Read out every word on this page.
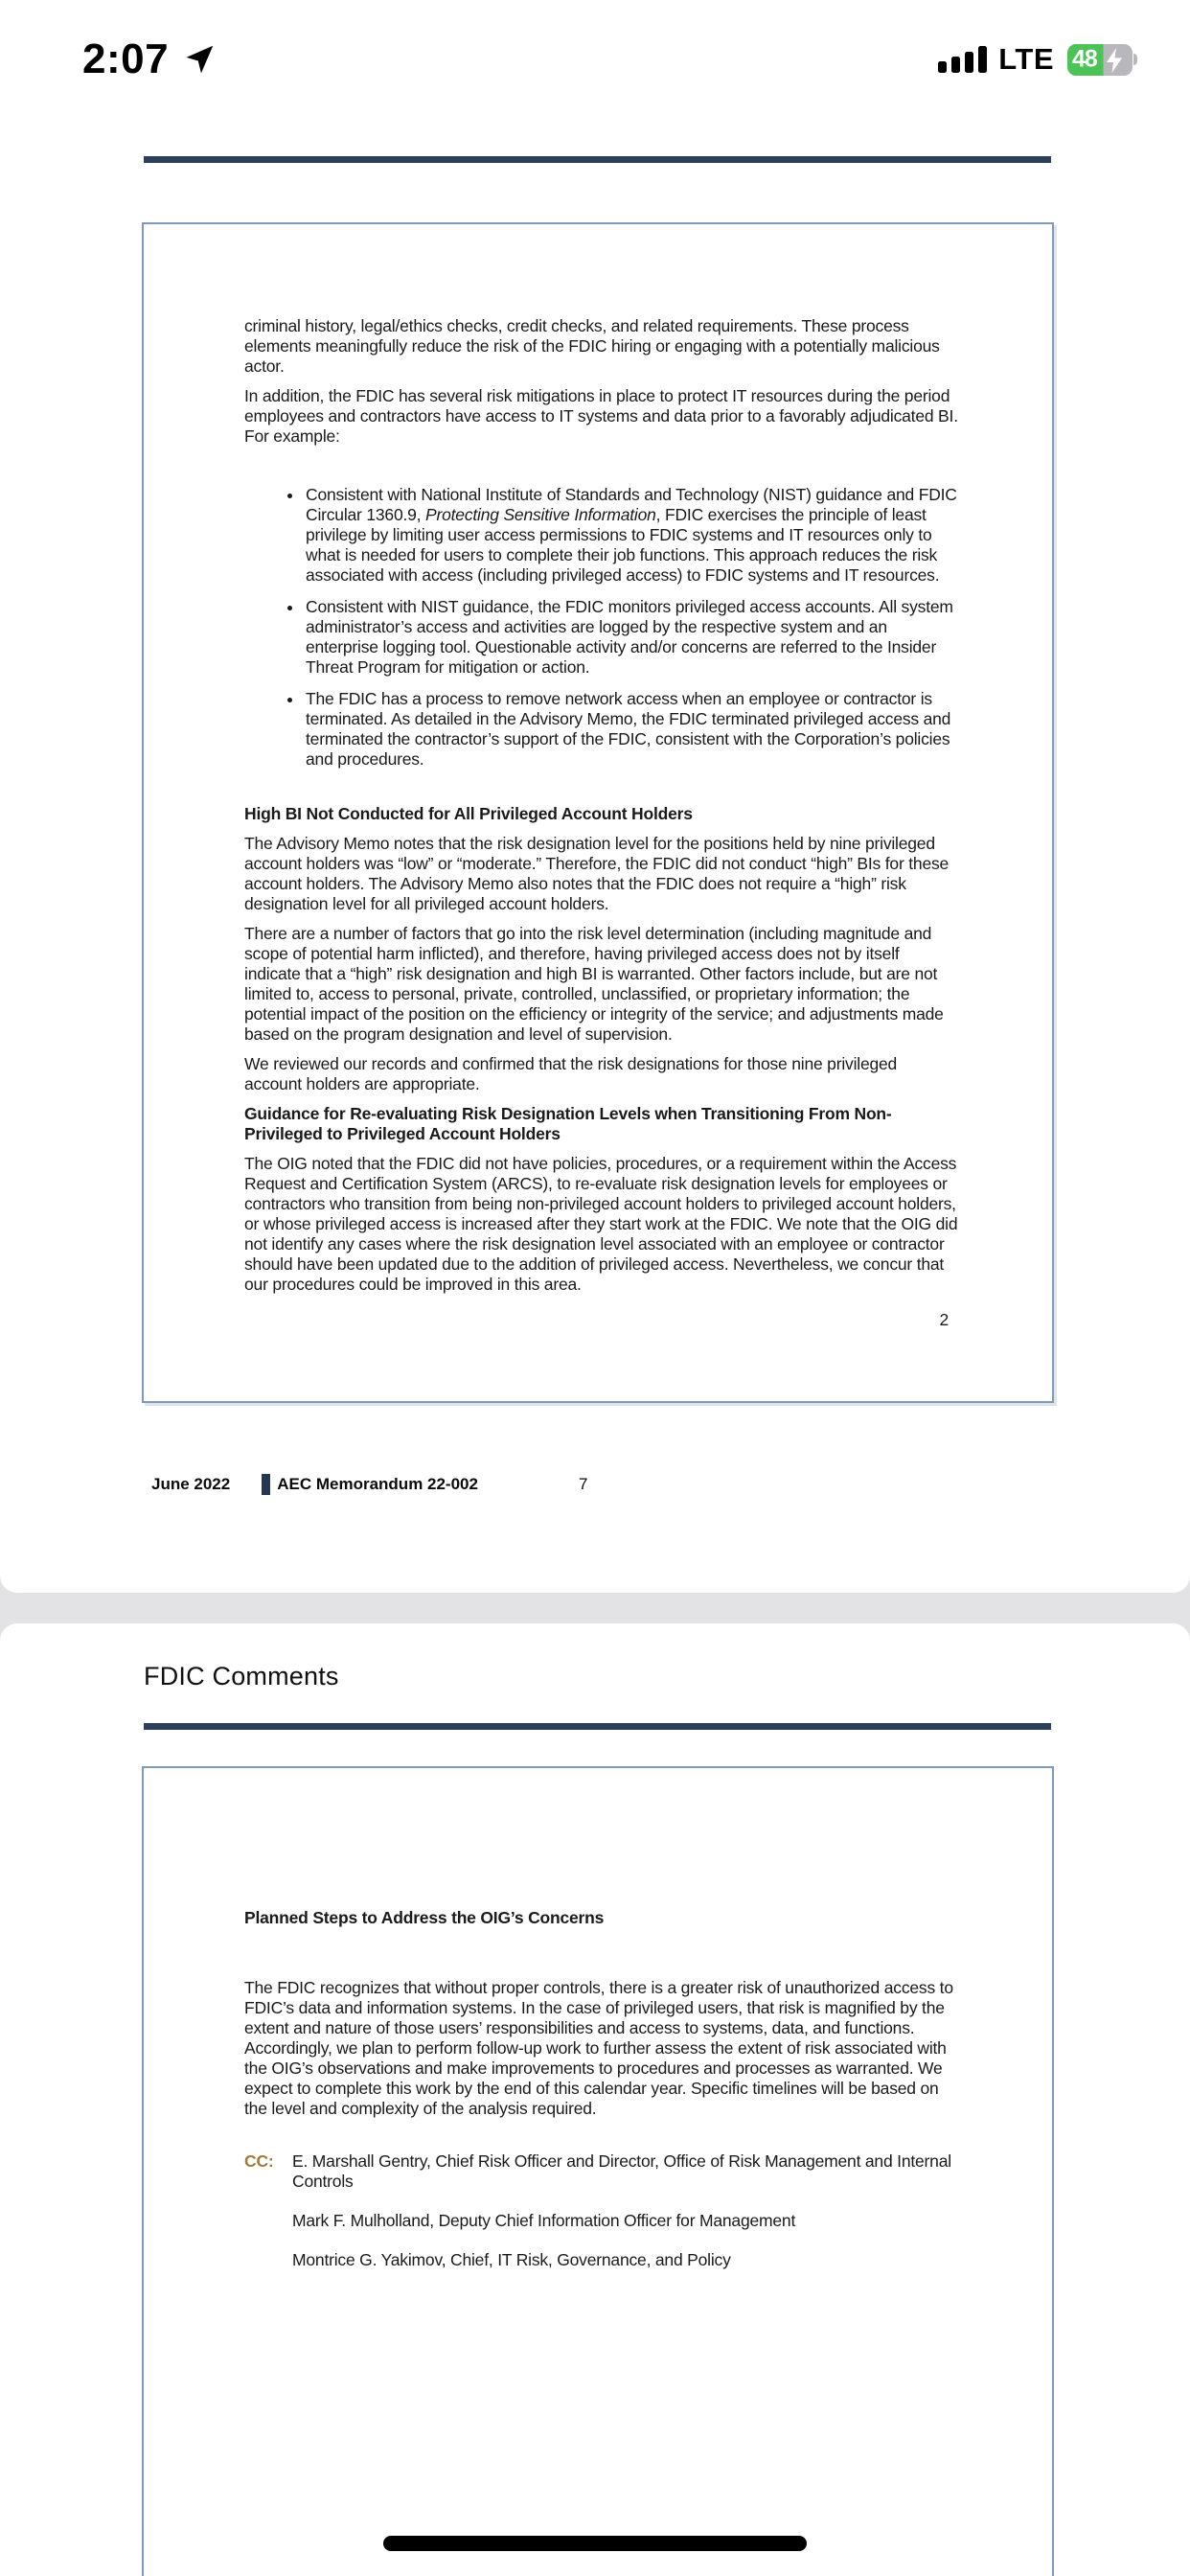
2:07	LTE 48

criminal history, legal/ethics checks, credit checks, and related requirements. These process elements meaningfully reduce the risk of the FDIC hiring or engaging with a potentially malicious actor.

In addition, the FDIC has several risk mitigations in place to protect IT resources during the period employees and contractors have access to IT systems and data prior to a favorably adjudicated BI.

For example:

• Consistent with National Institute of Standards and Technology (NIST) guidance and FDIC Circular 1360.9, Protecting Sensitive Information, FDIC exercises the principle of least privilege by limiting user access permissions to FDIC systems and IT resources only to what is needed for users to complete their job functions. This approach reduces the risk associated with access (including privileged access) to FDIC systems and IT resources.
• Consistent with NIST guidance, the FDIC monitors privileged access accounts. All system administrator’s access and activities are logged by the respective system and an enterprise logging tool. Questionable activity and/or concerns are referred to the Insider Threat Program for mitigation or action.
• The FDIC has a process to remove network access when an employee or contractor is terminated. As detailed in the Advisory Memo, the FDIC terminated privileged access and terminated the contractor’s support of the FDIC, consistent with the Corporation’s policies and procedures.

High BI Not Conducted for All Privileged Account Holders

The Advisory Memo notes that the risk designation level for the positions held by nine privileged account holders was “low” or “moderate.” Therefore, the FDIC did not conduct “high” BIs for these account holders. The Advisory Memo also notes that the FDIC does not require a “high” risk designation level for all privileged account holders.

There are a number of factors that go into the risk level determination (including magnitude and scope of potential harm inflicted), and therefore, having privileged access does not by itself indicate that a “high” risk designation and high BI is warranted. Other factors include, but are not limited to, access to personal, private, controlled, unclassified, or proprietary information; the potential impact of the position on the efficiency or integrity of the service; and adjustments made based on the program designation and level of supervision.

We reviewed our records and confirmed that the risk designations for those nine privileged account holders are appropriate.

Guidance for Re-evaluating Risk Designation Levels when Transitioning From Non-Privileged to Privileged Account Holders

The OIG noted that the FDIC did not have policies, procedures, or a requirement within the Access Request and Certification System (ARCS), to re-evaluate risk designation levels for employees or contractors who transition from being non-privileged account holders to privileged account holders, or whose privileged access is increased after they start work at the FDIC. We note that the OIG did not identify any cases where the risk designation level associated with an employee or contractor should have been updated due to the addition of privileged access. Nevertheless, we concur that our procedures could be improved in this area.

2
June 2022	AEC Memorandum 22-002	7
FDIC Comments

Planned Steps to Address the OIG’s Concerns

The FDIC recognizes that without proper controls, there is a greater risk of unauthorized access to FDIC’s data and information systems. In the case of privileged users, that risk is magnified by the extent and nature of those users’ responsibilities and access to systems, data, and functions. Accordingly, we plan to perform follow-up work to further assess the extent of risk associated with the OIG’s observations and make improvements to procedures and processes as warranted. We expect to complete this work by the end of this calendar year. Specific timelines will be based on the level and complexity of the analysis required.

CC:	E. Marshall Gentry, Chief Risk Officer and Director, Office of Risk Management and Internal Controls

Mark F. Mulholland, Deputy Chief Information Officer for Management

Montrice G. Yakimov, Chief, IT Risk, Governance, and Policy
